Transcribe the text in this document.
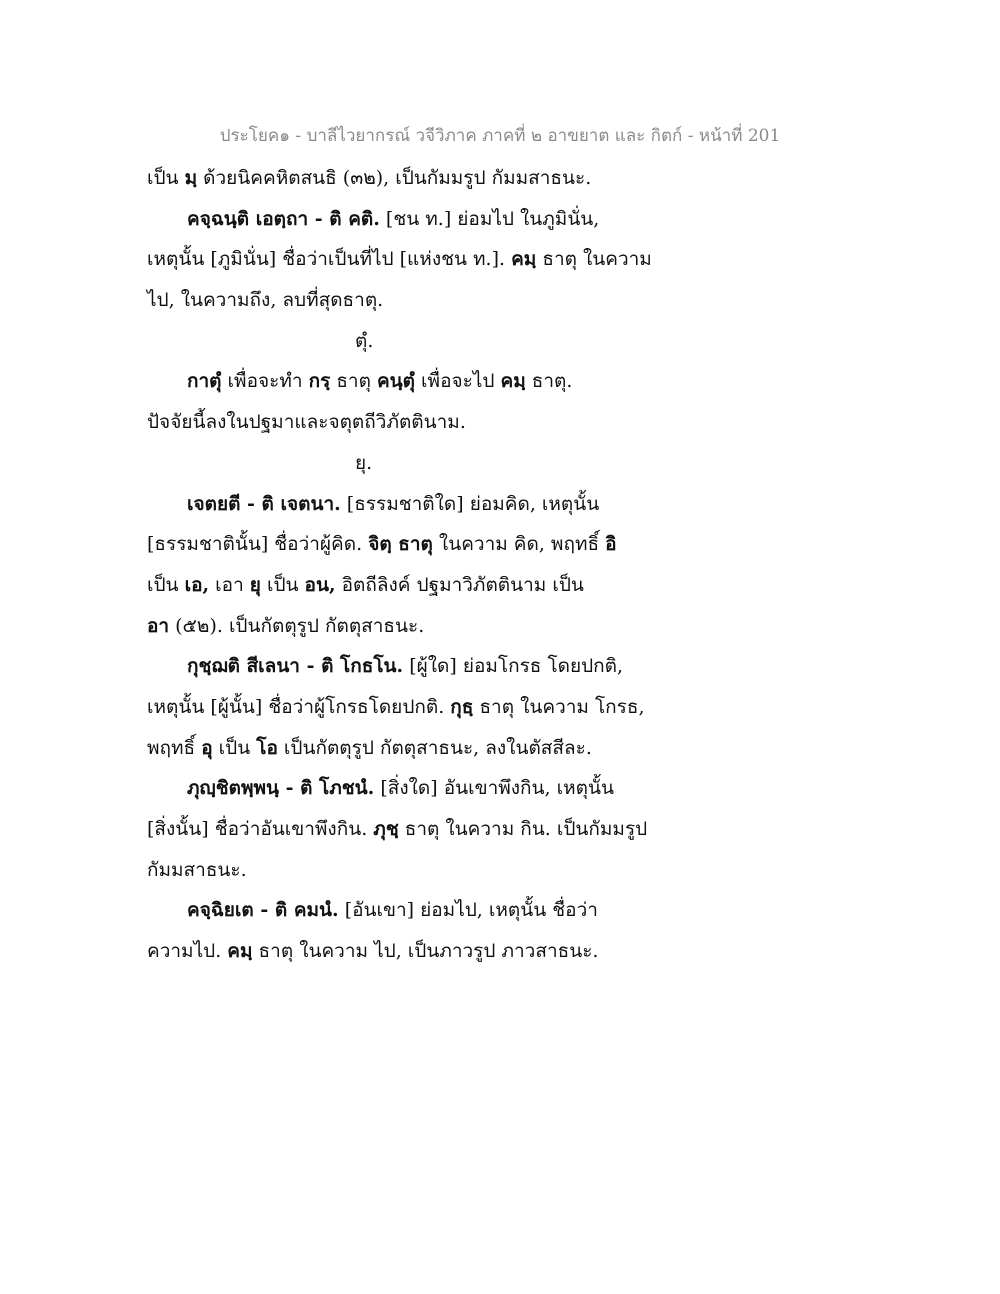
ประโยค๑ - บาลีไวยากรณ์ วจีวิภาค ภาคที่ ๒ อาขยาต และ กิตก์ - หน้าที่ 201
เป็น มฺ ด้วยนิคคหิตสนธิ (๓๒), เป็นกัมมรูป กัมมสาธนะ.
คจฺฉนฺติ เอตฺถา - ติ คติ. [ชน ท.] ย่อมไป ในภูมินั่น,
เหตุนั้น [ภูมินั่น] ชื่อว่าเป็นที่ไป [แห่งชน ท.]. คมฺ ธาตุ ในความ
ไป, ในความถึง, ลบที่สุดธาตุ.
ตุํ.
กาตุํ เพื่อจะทำ กรฺ ธาตุ คนฺตุํ เพื่อจะไป คมฺ ธาตุ.
ปัจจัยนี้ลงในปฐมาและจตุตถีวิภัตตินาม.
ยุ.
เจตยตี - ติ เจตนา. [ธรรมชาติใด] ย่อมคิด, เหตุนั้น
[ธรรมชาตินั้น] ชื่อว่าผู้คิด. จิตฺ ธาตุ ในความ คิด, พฤทธิ์ อิ
เป็น เอ, เอา ยุ เป็น อน, อิตถีลิงค์ ปฐมาวิภัตตินาม เป็น
อา (๕๒). เป็นกัตตุรูป กัตตุสาธนะ.
กุชฺฌติ สีเลนา - ติ โกธโน. [ผู้ใด] ย่อมโกรธ โดยปกติ,
เหตุนั้น [ผู้นั้น] ชื่อว่าผู้โกรธโดยปกติ. กุธฺ ธาตุ ในความ โกรธ,
พฤทธิ์ อุ เป็น โอ เป็นกัตตุรูป กัตตุสาธนะ, ลงในตัสสีละ.
ภุญฺชิตพฺพนฺ - ติ โภชนํ. [สิ่งใด] อันเขาพึงกิน, เหตุนั้น
[สิ่งนั้น] ชื่อว่าอันเขาพึงกิน. ภุชฺ ธาตุ ในความ กิน. เป็นกัมมรูป
กัมมสาธนะ.
คจฺฉิยเต - ติ คมนํ. [อันเขา] ย่อมไป, เหตุนั้น ชื่อว่า
ความไป. คมฺ ธาตุ ในความ ไป, เป็นภาวรูป ภาวสาธนะ.
